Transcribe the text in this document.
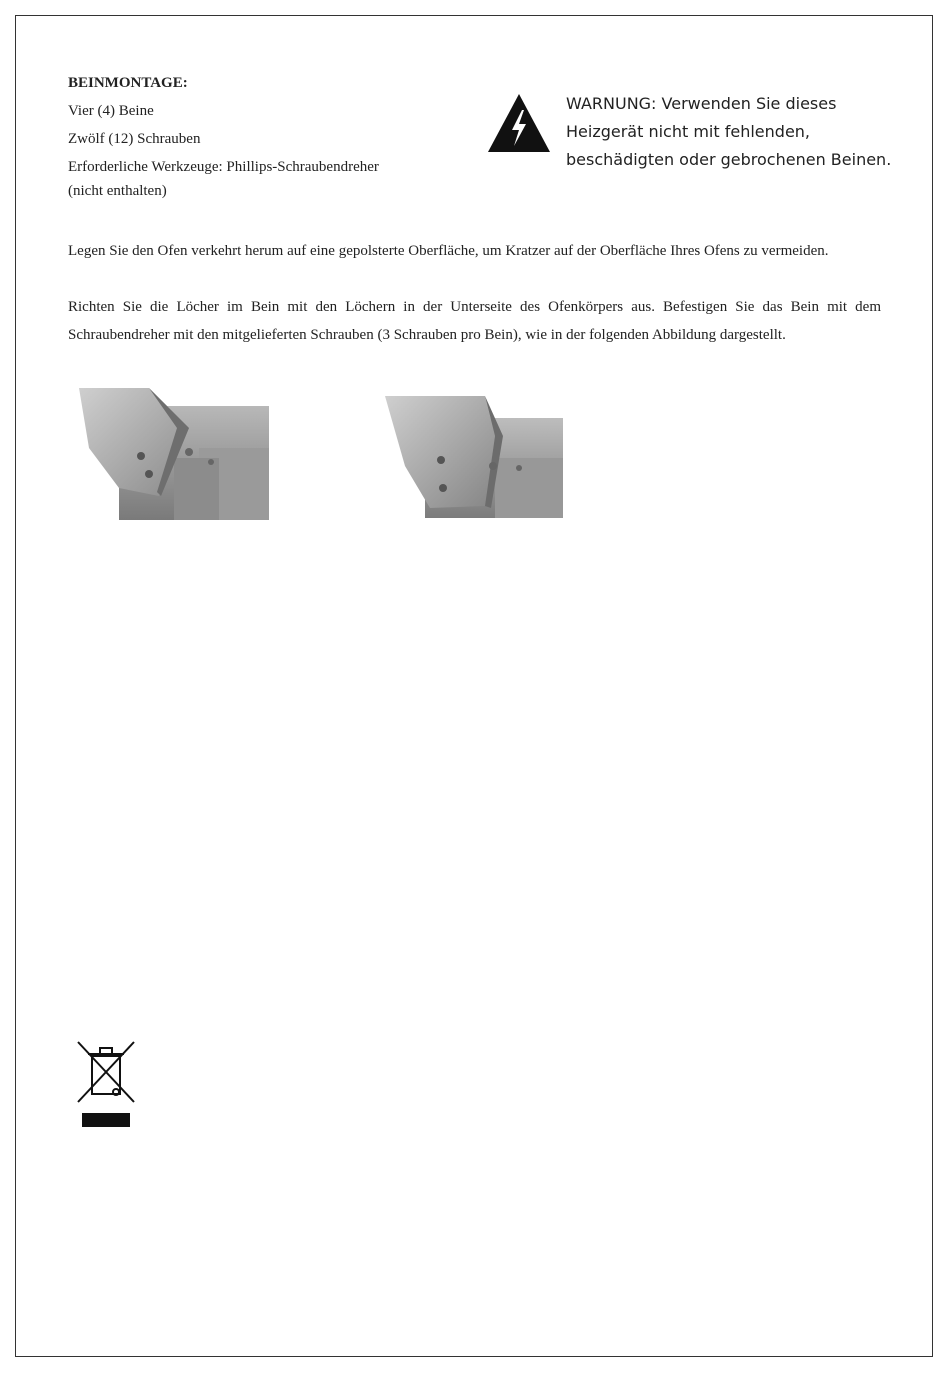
BEINMONTAGE:
Vier (4) Beine
Zwölf (12) Schrauben
Erforderliche Werkzeuge: Phillips-Schraubendreher
(nicht enthalten)
WARNUNG: Verwenden Sie dieses
Heizgerät nicht mit fehlenden,
beschädigten oder gebrochenen Beinen.
Legen Sie den Ofen verkehrt herum auf eine gepolsterte Oberfläche, um Kratzer auf der Oberfläche Ihres Ofens zu vermeiden.
Richten Sie die Löcher im Bein mit den Löchern in der Unterseite des Ofenkörpers aus. Befestigen Sie das Bein mit dem Schraubendreher mit den mitgelieferten Schrauben (3 Schrauben pro Bein), wie in der folgenden Abbildung dargestellt.
